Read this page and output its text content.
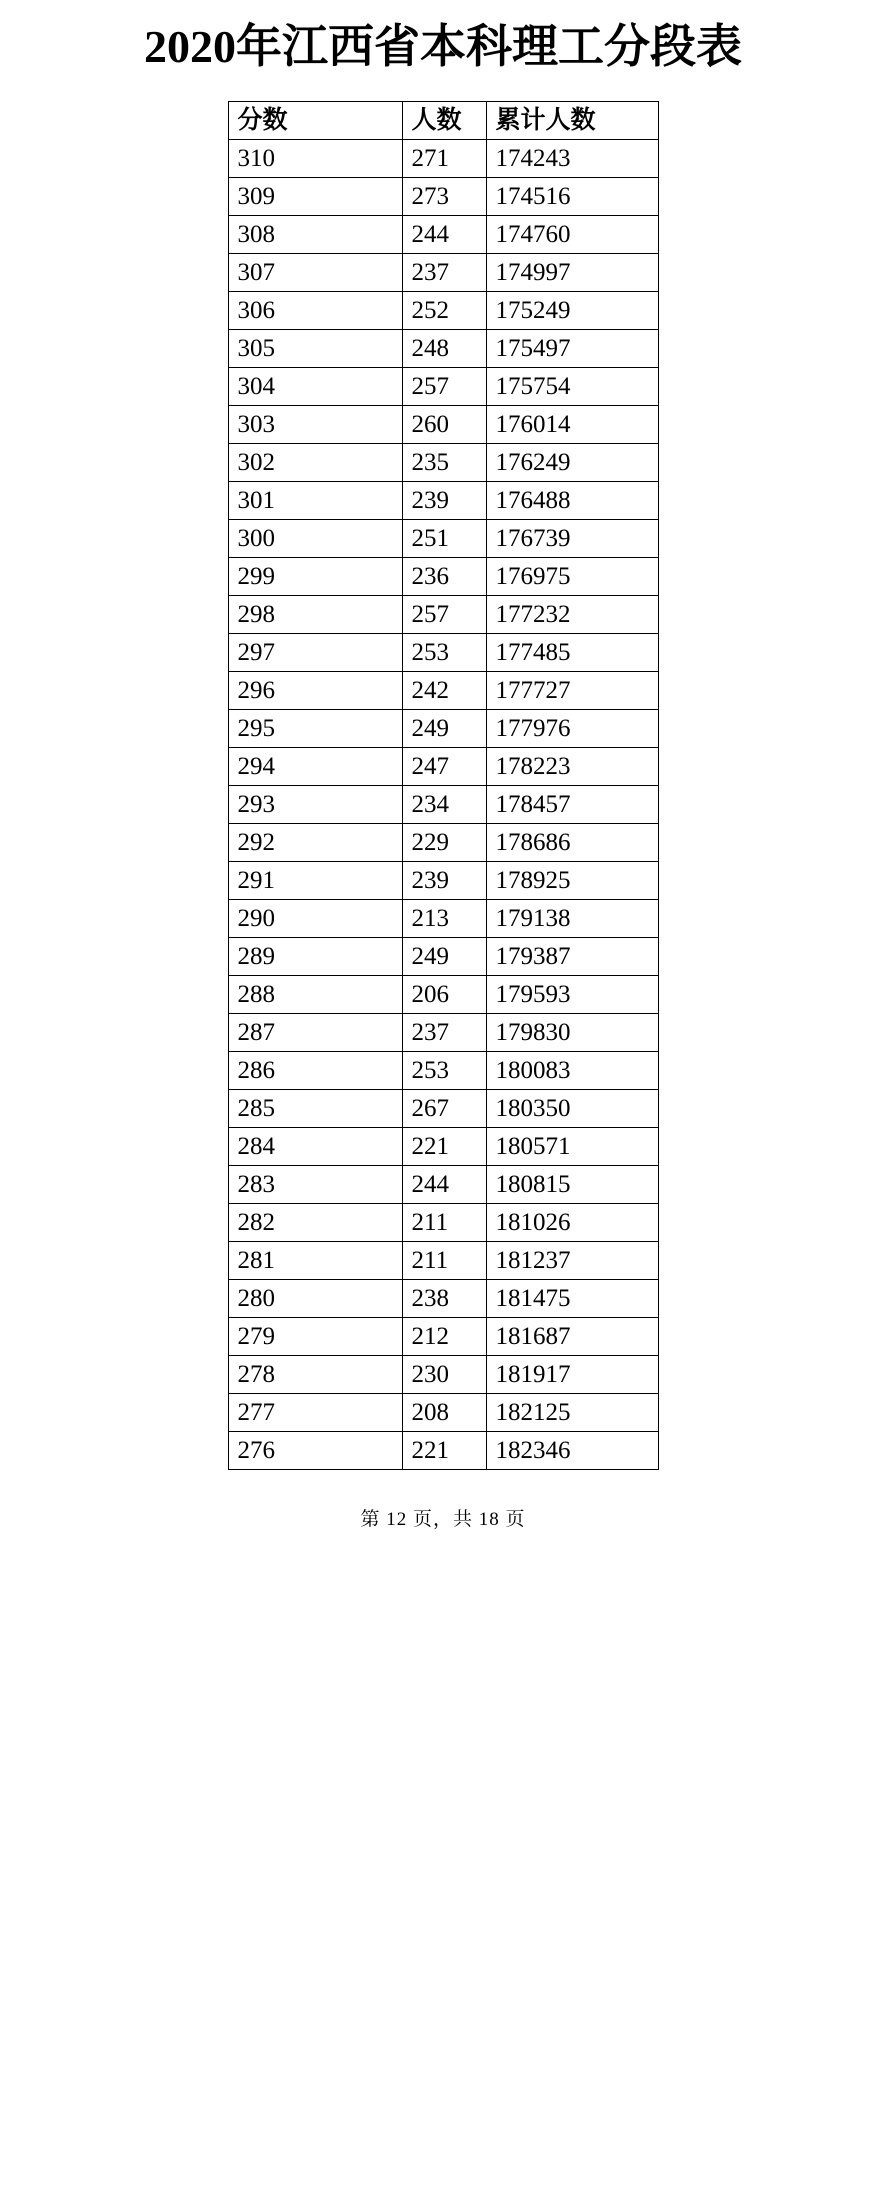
2020年江西省本科理工分段表
分数	人数	累计人数
310	271	174243
309	273	174516
308	244	174760
307	237	174997
306	252	175249
305	248	175497
304	257	175754
303	260	176014
302	235	176249
301	239	176488
300	251	176739
299	236	176975
298	257	177232
297	253	177485
296	242	177727
295	249	177976
294	247	178223
293	234	178457
292	229	178686
291	239	178925
290	213	179138
289	249	179387
288	206	179593
287	237	179830
286	253	180083
285	267	180350
284	221	180571
283	244	180815
282	211	181026
281	211	181237
280	238	181475
279	212	181687
278	230	181917
277	208	182125
276	221	182346
第 12 页，共 18 页
